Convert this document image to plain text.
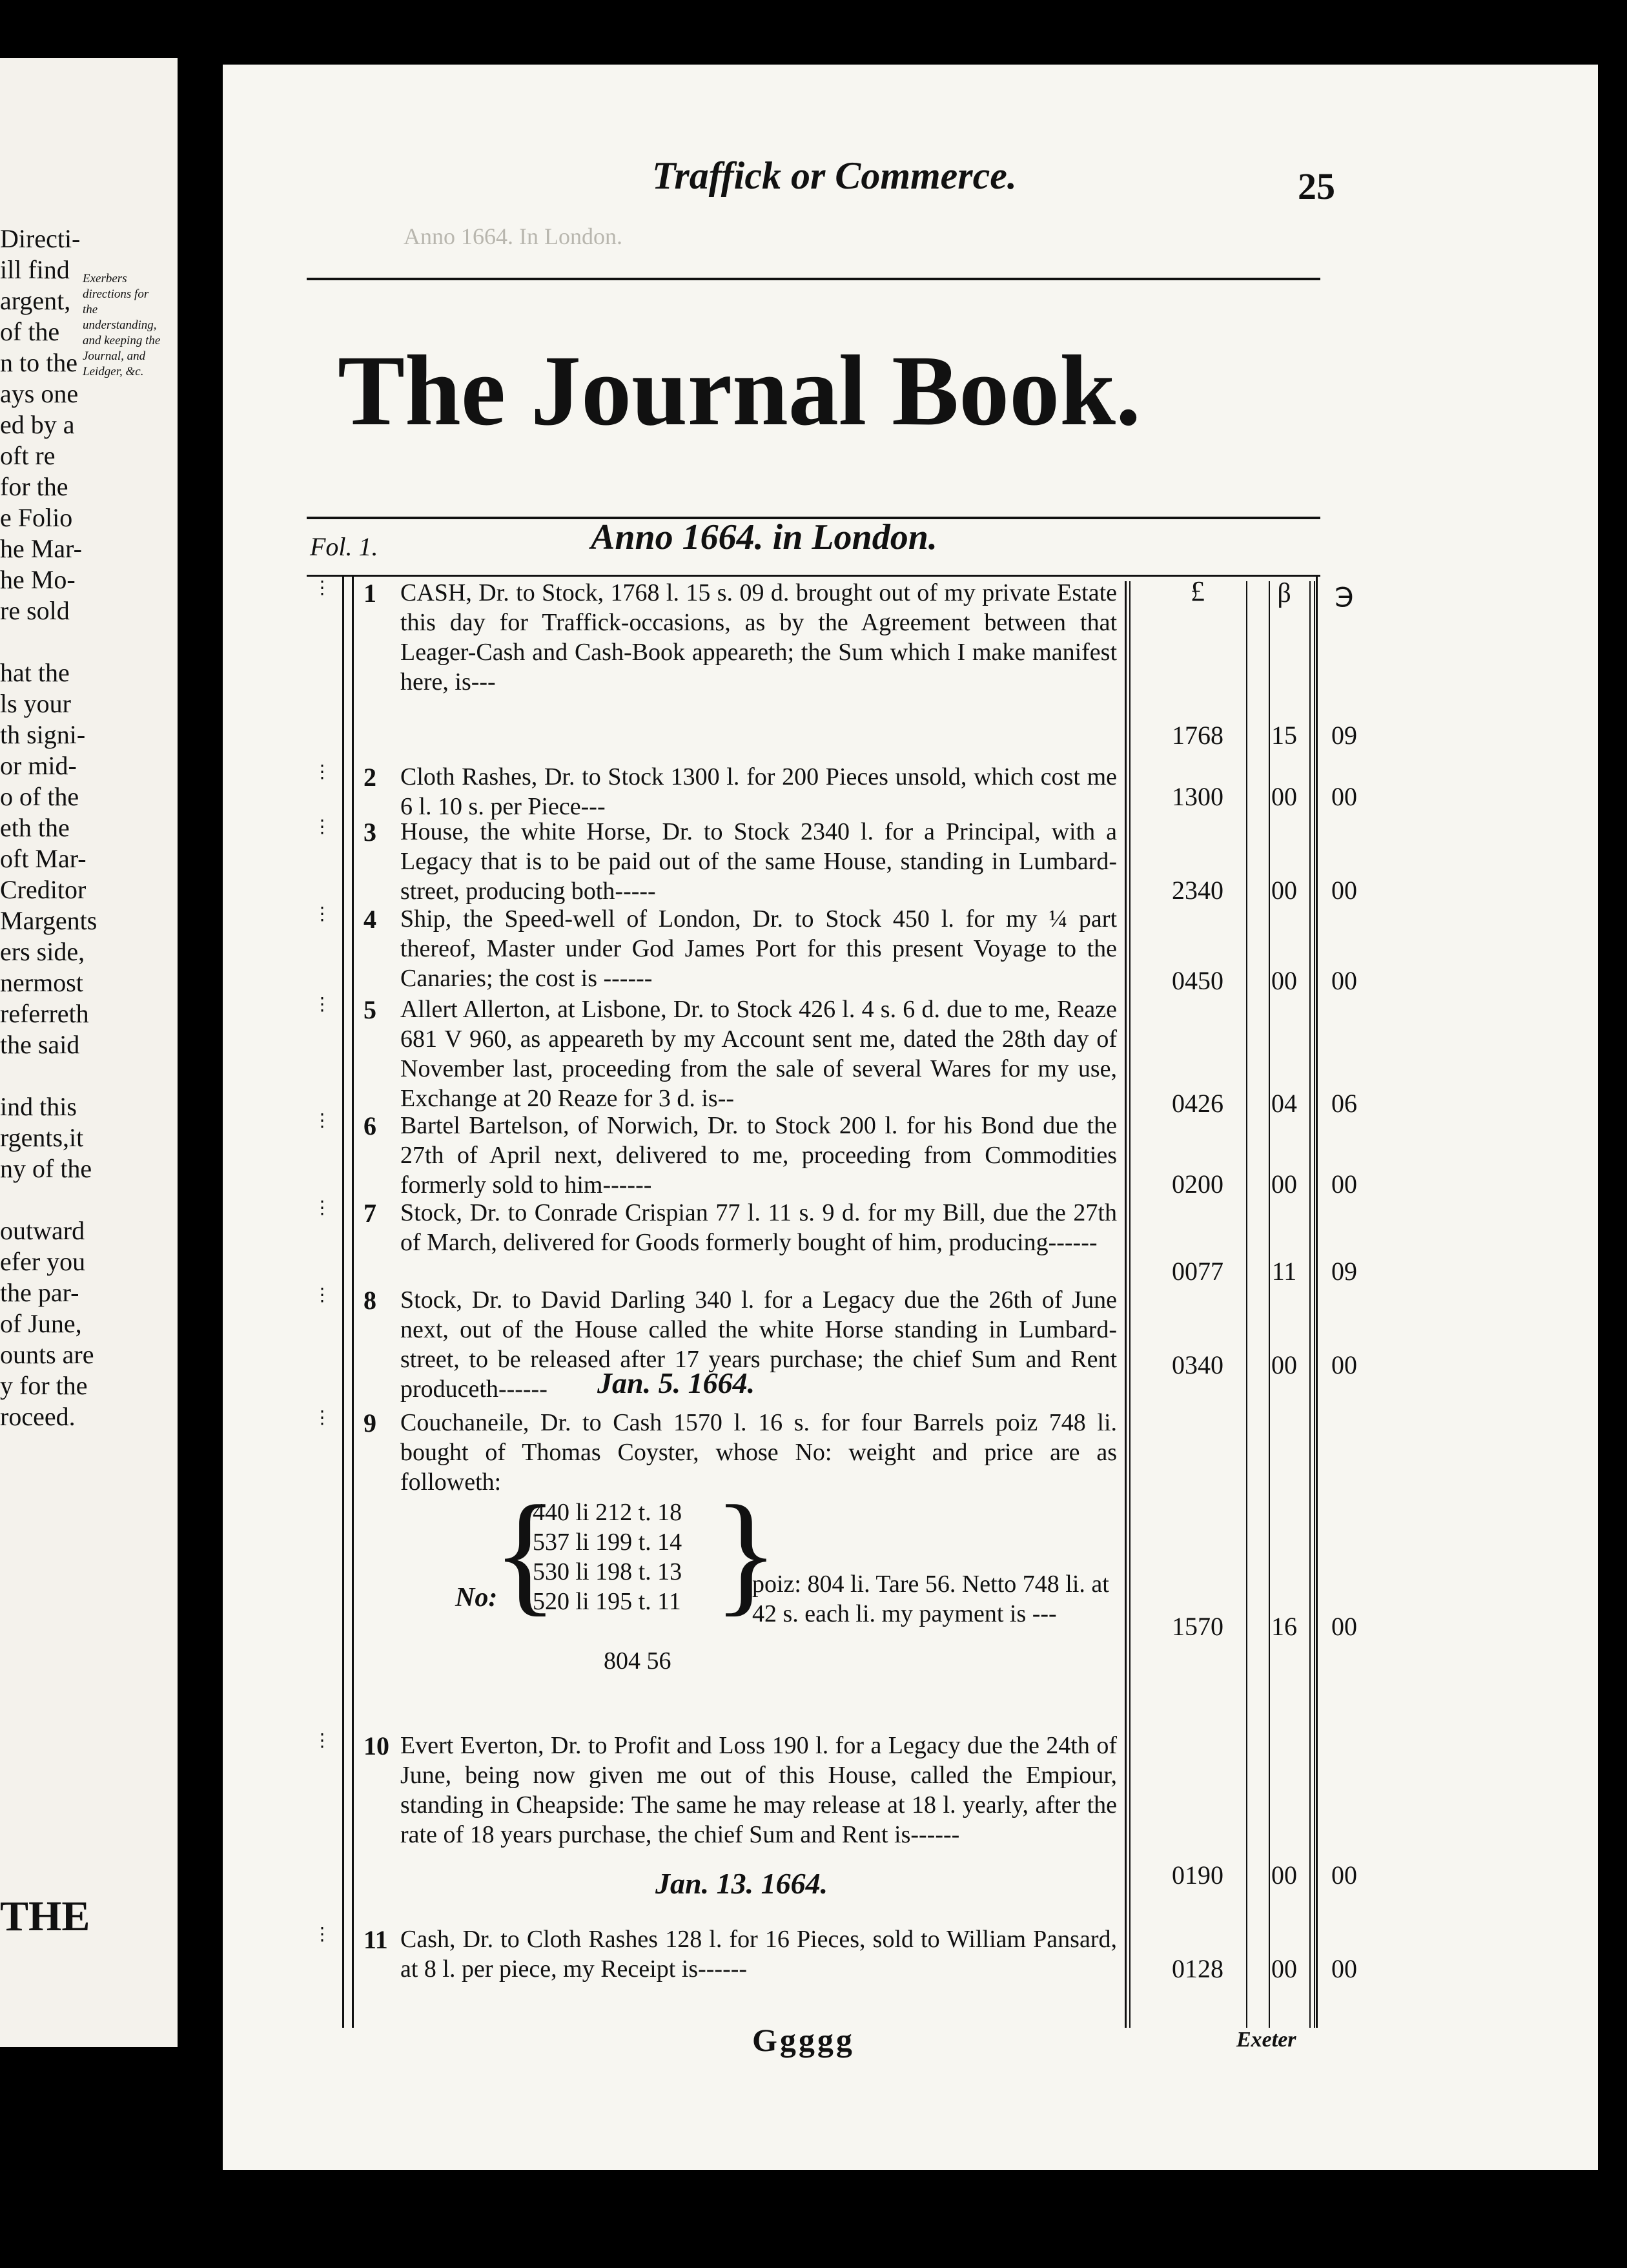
Directi-
ill find
argent,
of the
n to the
ays one
ed by a
oft re
for the
e Folio
he Mar-
he Mo-
re sold
hat the
ls your
th signi-
or mid-
o of the
eth the
oft Mar-
Creditor
Margents
ers side,
nermost
referreth
the said
ind this
rgents,it
ny of the
outward
efer you
the par-
of June,
ounts are
y for the
roceed.
Exerbers directions for the understanding, and keeping the Journal, and Leidger, &c.
THE
Anno 1664. In London.
Traffick or Commerce.	25
The Journal Book.
Fol. 1.	Anno 1664. in London.
£	β	℈
⋮ 1 CASH, Dr. to Stock, 1768 l. 15 s. 09 d. brought out of my private Estate this day for Traffick-occasions, as by the Agreement between that Leager-Cash and Cash-Book appeareth; the Sum which I make manifest here, is---
1768	15	09
⋮ 2 Cloth Rashes, Dr. to Stock 1300 l. for 200 Pieces unsold, which cost me 6 l. 10 s. per Piece---	1300	00	00
⋮ 3 House, the white Horse, Dr. to Stock 2340 l. for a Principal, with a Legacy that is to be paid out of the same House, standing in Lumbard-street, producing both-----	2340	00	00
⋮ 4 Ship, the Speed-well of London, Dr. to Stock 450 l. for my ¼ part thereof, Master under God James Port for this present Voyage to the Canaries; the cost is ------	0450	00	00
⋮ 5 Allert Allerton, at Lisbone, Dr. to Stock 426 l. 4 s. 6 d. due to me, Reaze 681 V 960, as appeareth by my Account sent me, dated the 28th day of November last, proceeding from the sale of several Wares for my use, Exchange at 20 Reaze for 3 d. is--	0426	04	06
⋮ 6 Bartel Bartelson, of Norwich, Dr. to Stock 200 l. for his Bond due the 27th of April next, delivered to me, proceeding from Commodities formerly sold to him------	0200	00	00
⋮ 7 Stock, Dr. to Conrade Crispian 77 l. 11 s. 9 d. for my Bill, due the 27th of March, delivered for Goods formerly bought of him, producing------
0077	11	09
⋮ 8 Stock, Dr. to David Darling 340 l. for a Legacy due the 26th of June next, out of the House called the white Horse standing in Lumbard-street, to be released after 17 years purchase; the chief Sum and Rent produceth------
0340	00	00
⋮ 9 Couchaneile, Dr. to Cash 1570 l. 16 s. for four Barrels poiz 748 li. bought of Thomas Coyster, whose No: weight and price are as followeth:
1570	16	00
⋮ 10 Evert Everton, Dr. to Profit and Loss 190 l. for a Legacy due the 24th of June, being now given me out of this House, called the Empiour, standing in Cheapside: The same he may release at 18 l. yearly, after the rate of 18 years purchase, the chief Sum and Rent is------
0190	00	00
⋮ 11 Cash, Dr. to Cloth Rashes 128 l. for 16 Pieces, sold to William Pansard, at 8 l. per piece, my Receipt is------	0128	00	00
Jan. 5. 1664.
Jan. 13. 1664.
No:
{
440 li 212 t. 18
537 li 199 t. 14
530 li 198 t. 13
520 li 195 t. 11 }
804 56
poiz: 804 li. Tare 56. Netto 748 li. at 42 s. each li. my payment is ---
Ggggg	Exeter
